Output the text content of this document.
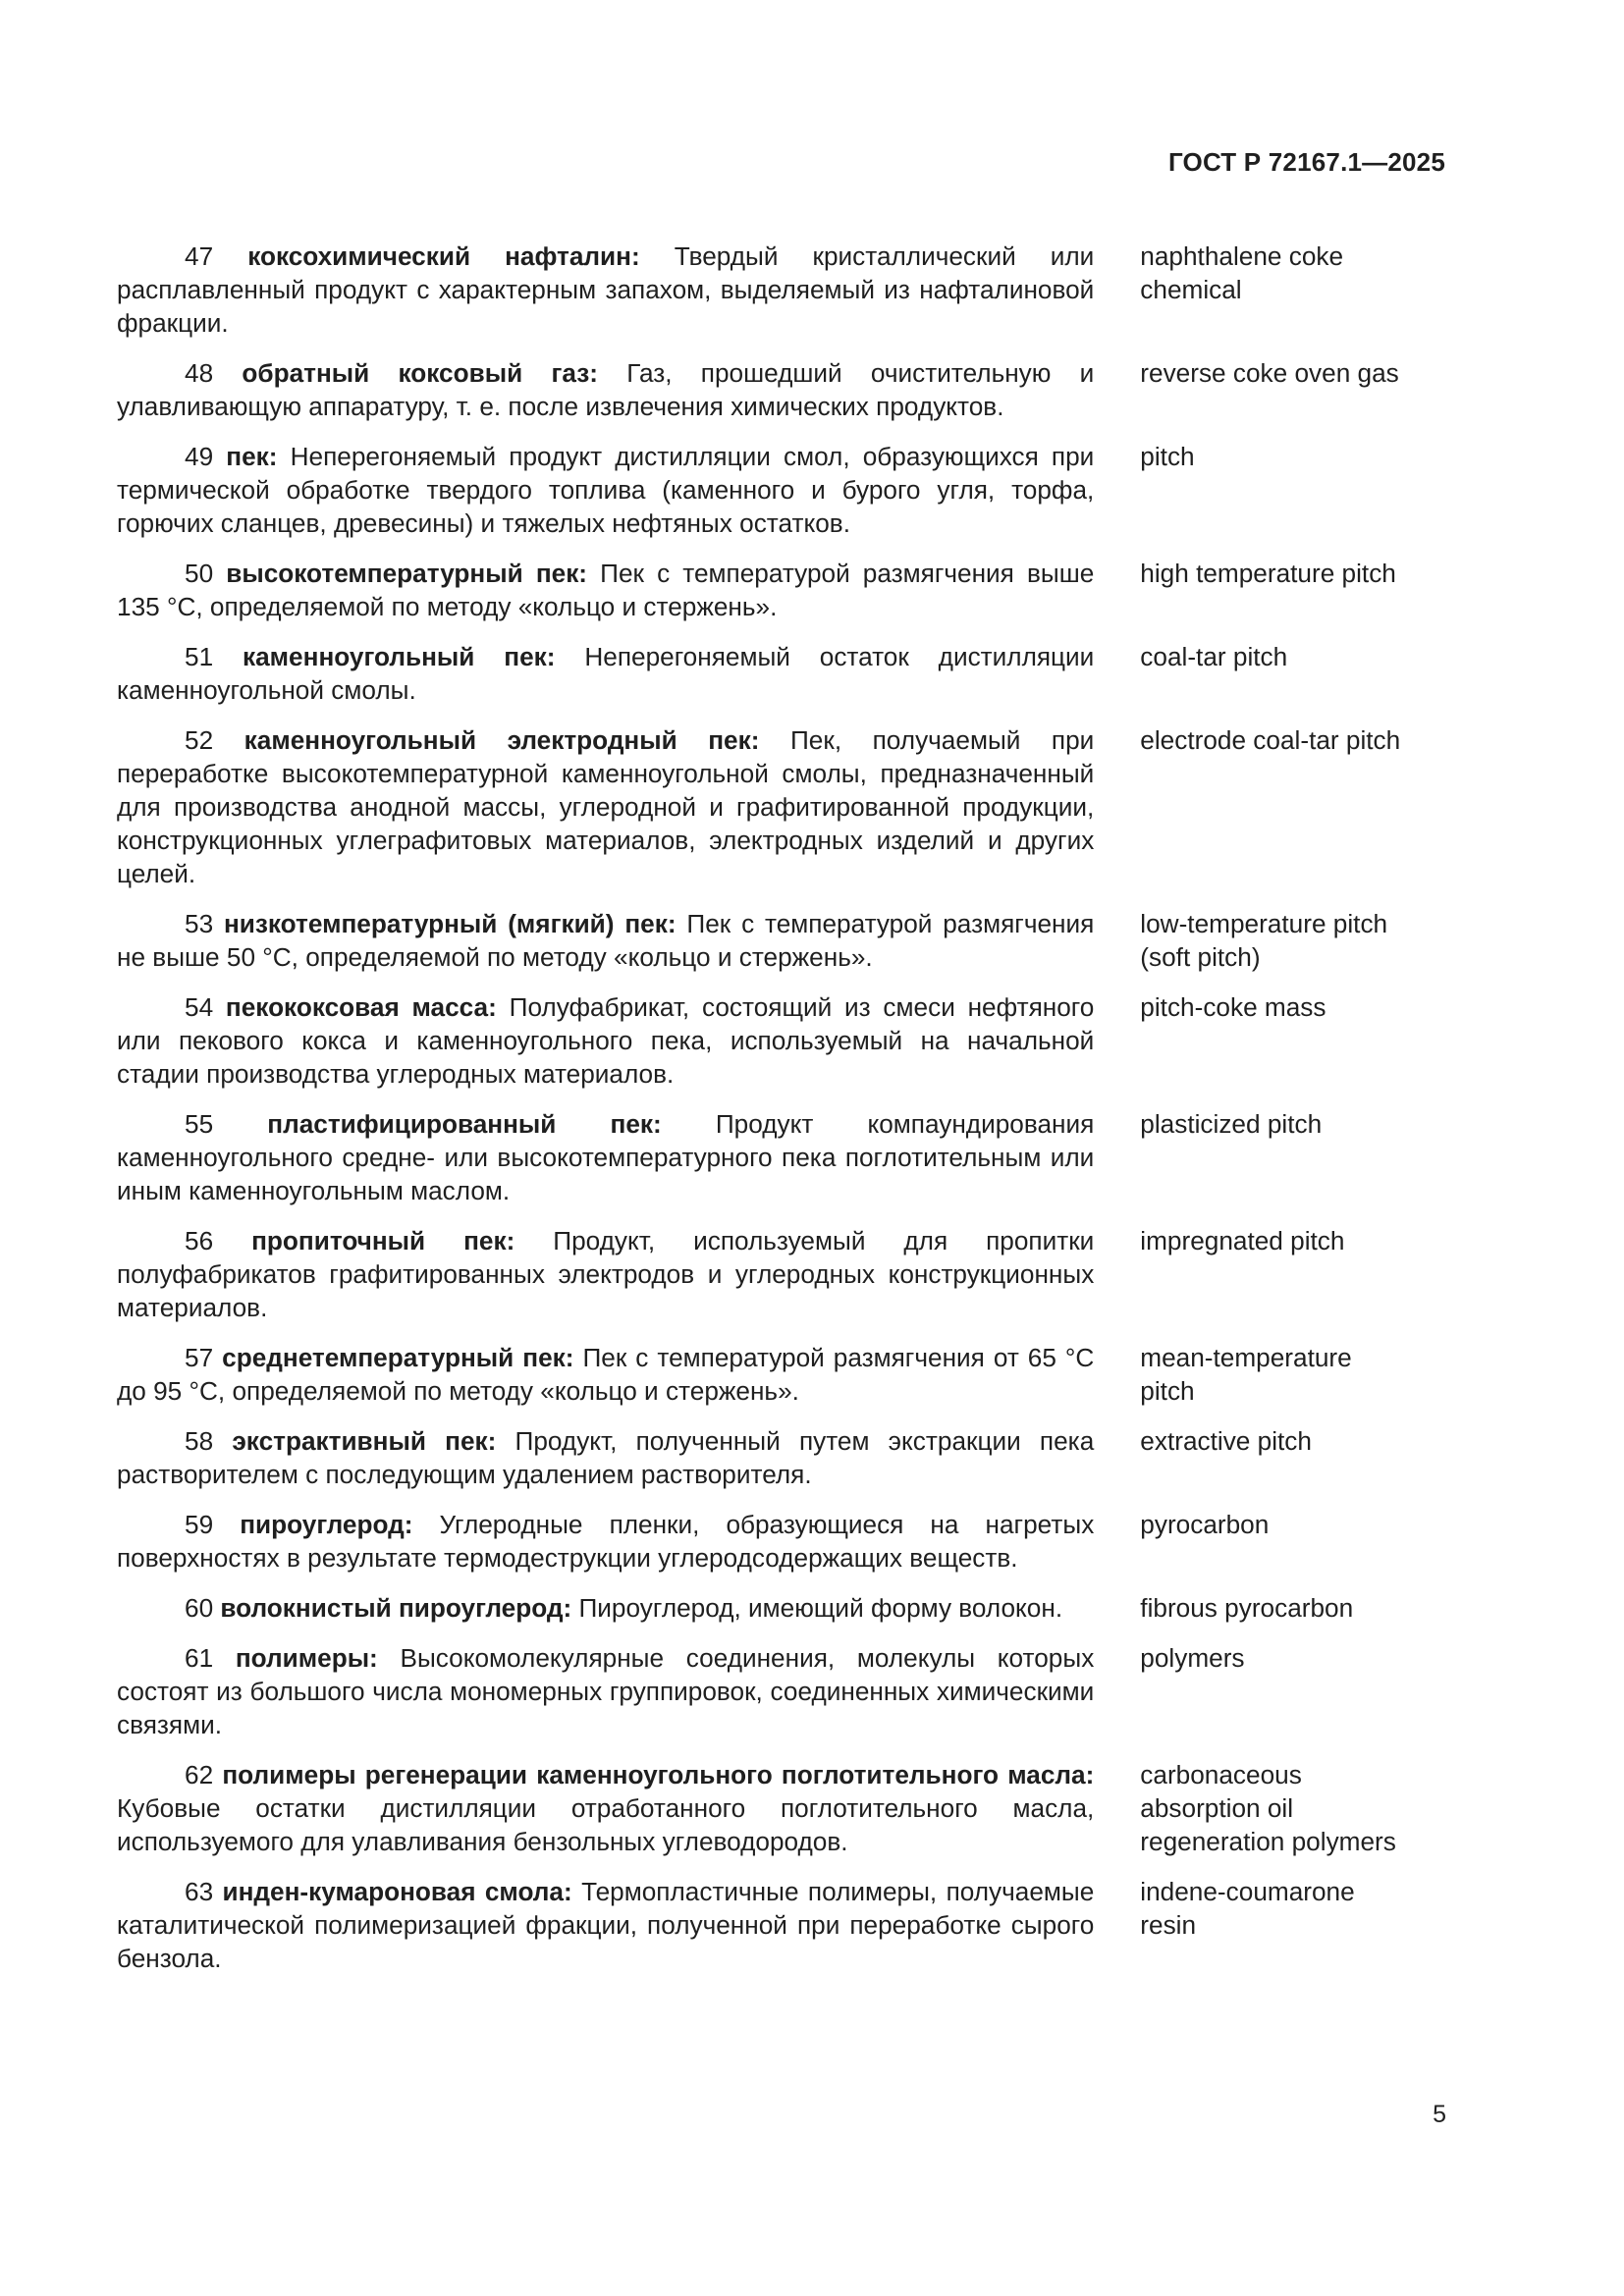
ГОСТ Р 72167.1—2025
47 коксохимический нафталин: Твердый кристаллический или расплавленный продукт с характерным запахом, выделяемый из нафталиновой фракции.
naphthalene coke
chemical
48 обратный коксовый газ: Газ, прошедший очистительную и улавливающую аппаратуру, т. е. после извлечения химических продуктов.
reverse coke oven gas
49 пек: Неперегоняемый продукт дистилляции смол, образующихся при термической обработке твердого топлива (каменного и бурого угля, торфа, горючих сланцев, древесины) и тяжелых нефтяных остатков.
pitch
50 высокотемпературный пек: Пек с температурой размягчения выше 135 °С, определяемой по методу «кольцо и стержень».
high temperature pitch
51 каменноугольный пек: Неперегоняемый остаток дистилляции каменноугольной смолы.
coal-tar pitch
52 каменноугольный электродный пек: Пек, получаемый при переработке высокотемпературной каменноугольной смолы, предназначенный для производства анодной массы, углеродной и графитированной продукции, конструкционных углеграфитовых материалов, электродных изделий и других целей.
electrode coal-tar pitch
53 низкотемпературный (мягкий) пек: Пек с температурой размягчения не выше 50 °С, определяемой по методу «кольцо и стержень».
low-temperature pitch
(soft pitch)
54 пекококсовая масса: Полуфабрикат, состоящий из смеси нефтяного или пекового кокса и каменноугольного пека, используемый на начальной стадии производства углеродных материалов.
pitch-coke mass
55 пластифицированный пек: Продукт компаундирования каменноугольного средне- или высокотемпературного пека поглотительным или иным каменноугольным маслом.
plasticized pitch
56 пропиточный пек: Продукт, используемый для пропитки полуфабрикатов графитированных электродов и углеродных конструкционных материалов.
impregnated pitch
57 среднетемпературный пек: Пек с температурой размягчения от 65 °С до 95 °С, определяемой по методу «кольцо и стержень».
mean-temperature
pitch
58 экстрактивный пек: Продукт, полученный путем экстракции пека растворителем с последующим удалением растворителя.
extractive pitch
59 пироуглерод: Углеродные пленки, образующиеся на нагретых поверхностях в результате термодеструкции углеродсодержащих веществ.
pyrocarbon
60 волокнистый пироуглерод: Пироуглерод, имеющий форму волокон.	fibrous pyrocarbon
61 полимеры: Высокомолекулярные соединения, молекулы которых состоят из большого числа мономерных группировок, соединенных химическими связями.
polymers
62 полимеры регенерации каменноугольного поглотительного масла: Кубовые остатки дистилляции отработанного поглотительного масла, используемого для улавливания бензольных углеводородов.
carbonaceous
absorption oil
regeneration polymers
63 инден-кумароновая смола: Термопластичные полимеры, получаемые каталитической полимеризацией фракции, полученной при переработке сырого бензола.
indene-coumarone
resin
5
